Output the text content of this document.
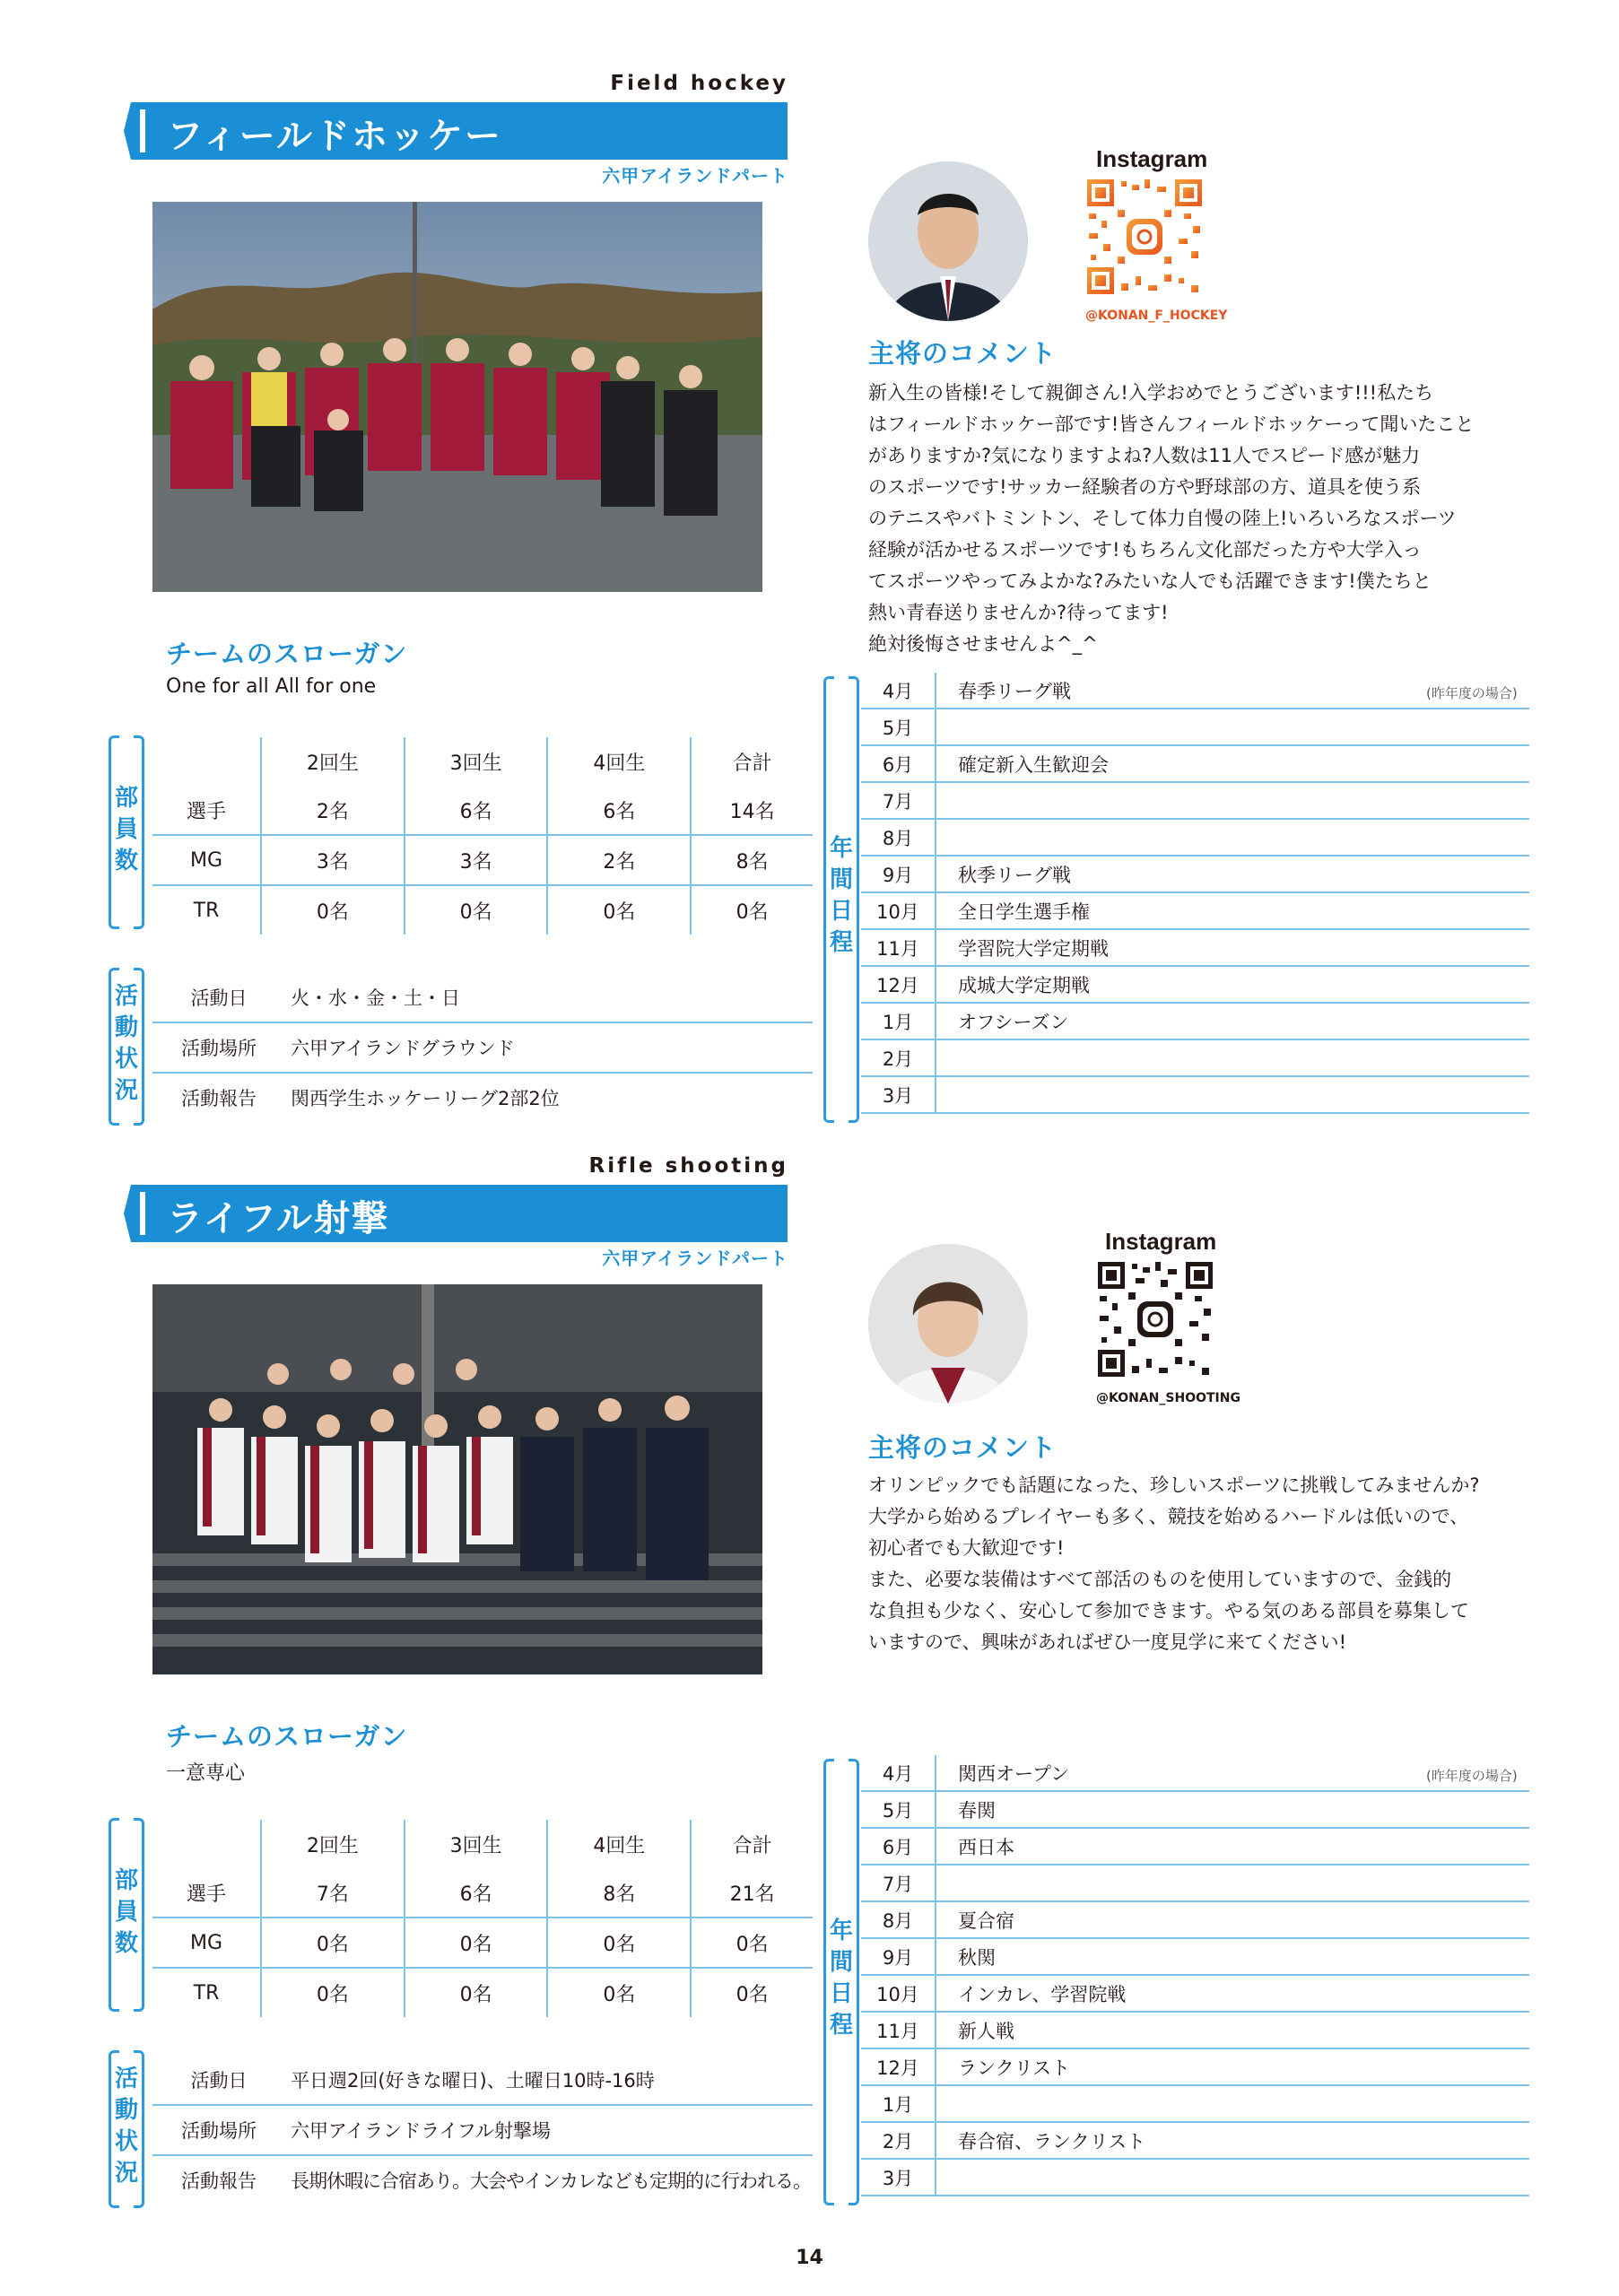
Field hockey
フィールドホッケー
六甲アイランドパート
チームのスローガン
One for all All for one
部
員
数
	2回生	3回生	4回生	合計
選手	2名	6名	6名	14名
MG	3名	3名	2名	8名
TR	0名	0名	0名	0名
活
動
状
況
活動日	火・水・金・土・日
活動場所	六甲アイランドグラウンド
活動報告	関西学生ホッケーリーグ2部2位
Instagram
@KONAN_F_HOCKEY
主将のコメント

新入生の皆様!そして親御さん!入学おめでとうございます!!!私たち

はフィールドホッケー部です!皆さんフィールドホッケーって聞いたこと

がありますか?気になりますよね?人数は11人でスピード感が魅力

のスポーツです!サッカー経験者の方や野球部の方、道具を使う系

のテニスやバトミントン、そして体力自慢の陸上!いろいろなスポーツ

経験が活かせるスポーツです!もちろん文化部だった方や大学入っ

てスポーツやってみよかな?みたいな人でも活躍できます!僕たちと

熱い青春送りませんか?待ってます!

絶対後悔させませんよ^_^

年
間
日
程
(昨年度の場合)
4月	春季リーグ戦
5月	
6月	確定新入生歓迎会
7月	
8月	
9月	秋季リーグ戦
10月	全日学生選手権
11月	学習院大学定期戦
12月	成城大学定期戦
1月	オフシーズン
2月	
3月	
Rifle shooting
ライフル射撃
六甲アイランドパート
チームのスローガン
一意専心
部
員
数
	2回生	3回生	4回生	合計
選手	7名	6名	8名	21名
MG	0名	0名	0名	0名
TR	0名	0名	0名	0名
活
動
状
況
活動日	平日週2回(好きな曜日)、土曜日10時-16時
活動場所	六甲アイランドライフル射撃場
活動報告	長期休暇に合宿あり。大会やインカレなども定期的に行われる。
Instagram
@KONAN_SHOOTING
主将のコメント

オリンピックでも話題になった、珍しいスポーツに挑戦してみませんか?

大学から始めるプレイヤーも多く、競技を始めるハードルは低いので、

初心者でも大歓迎です!

また、必要な装備はすべて部活のものを使用していますので、金銭的

な負担も少なく、安心して参加できます。やる気のある部員を募集して

いますので、興味があればぜひ一度見学に来てください!

年
間
日
程
(昨年度の場合)
4月	関西オープン
5月	春関
6月	西日本
7月	
8月	夏合宿
9月	秋関
10月	インカレ、学習院戦
11月	新人戦
12月	ランクリスト
1月	
2月	春合宿、ランクリスト
3月	
14
